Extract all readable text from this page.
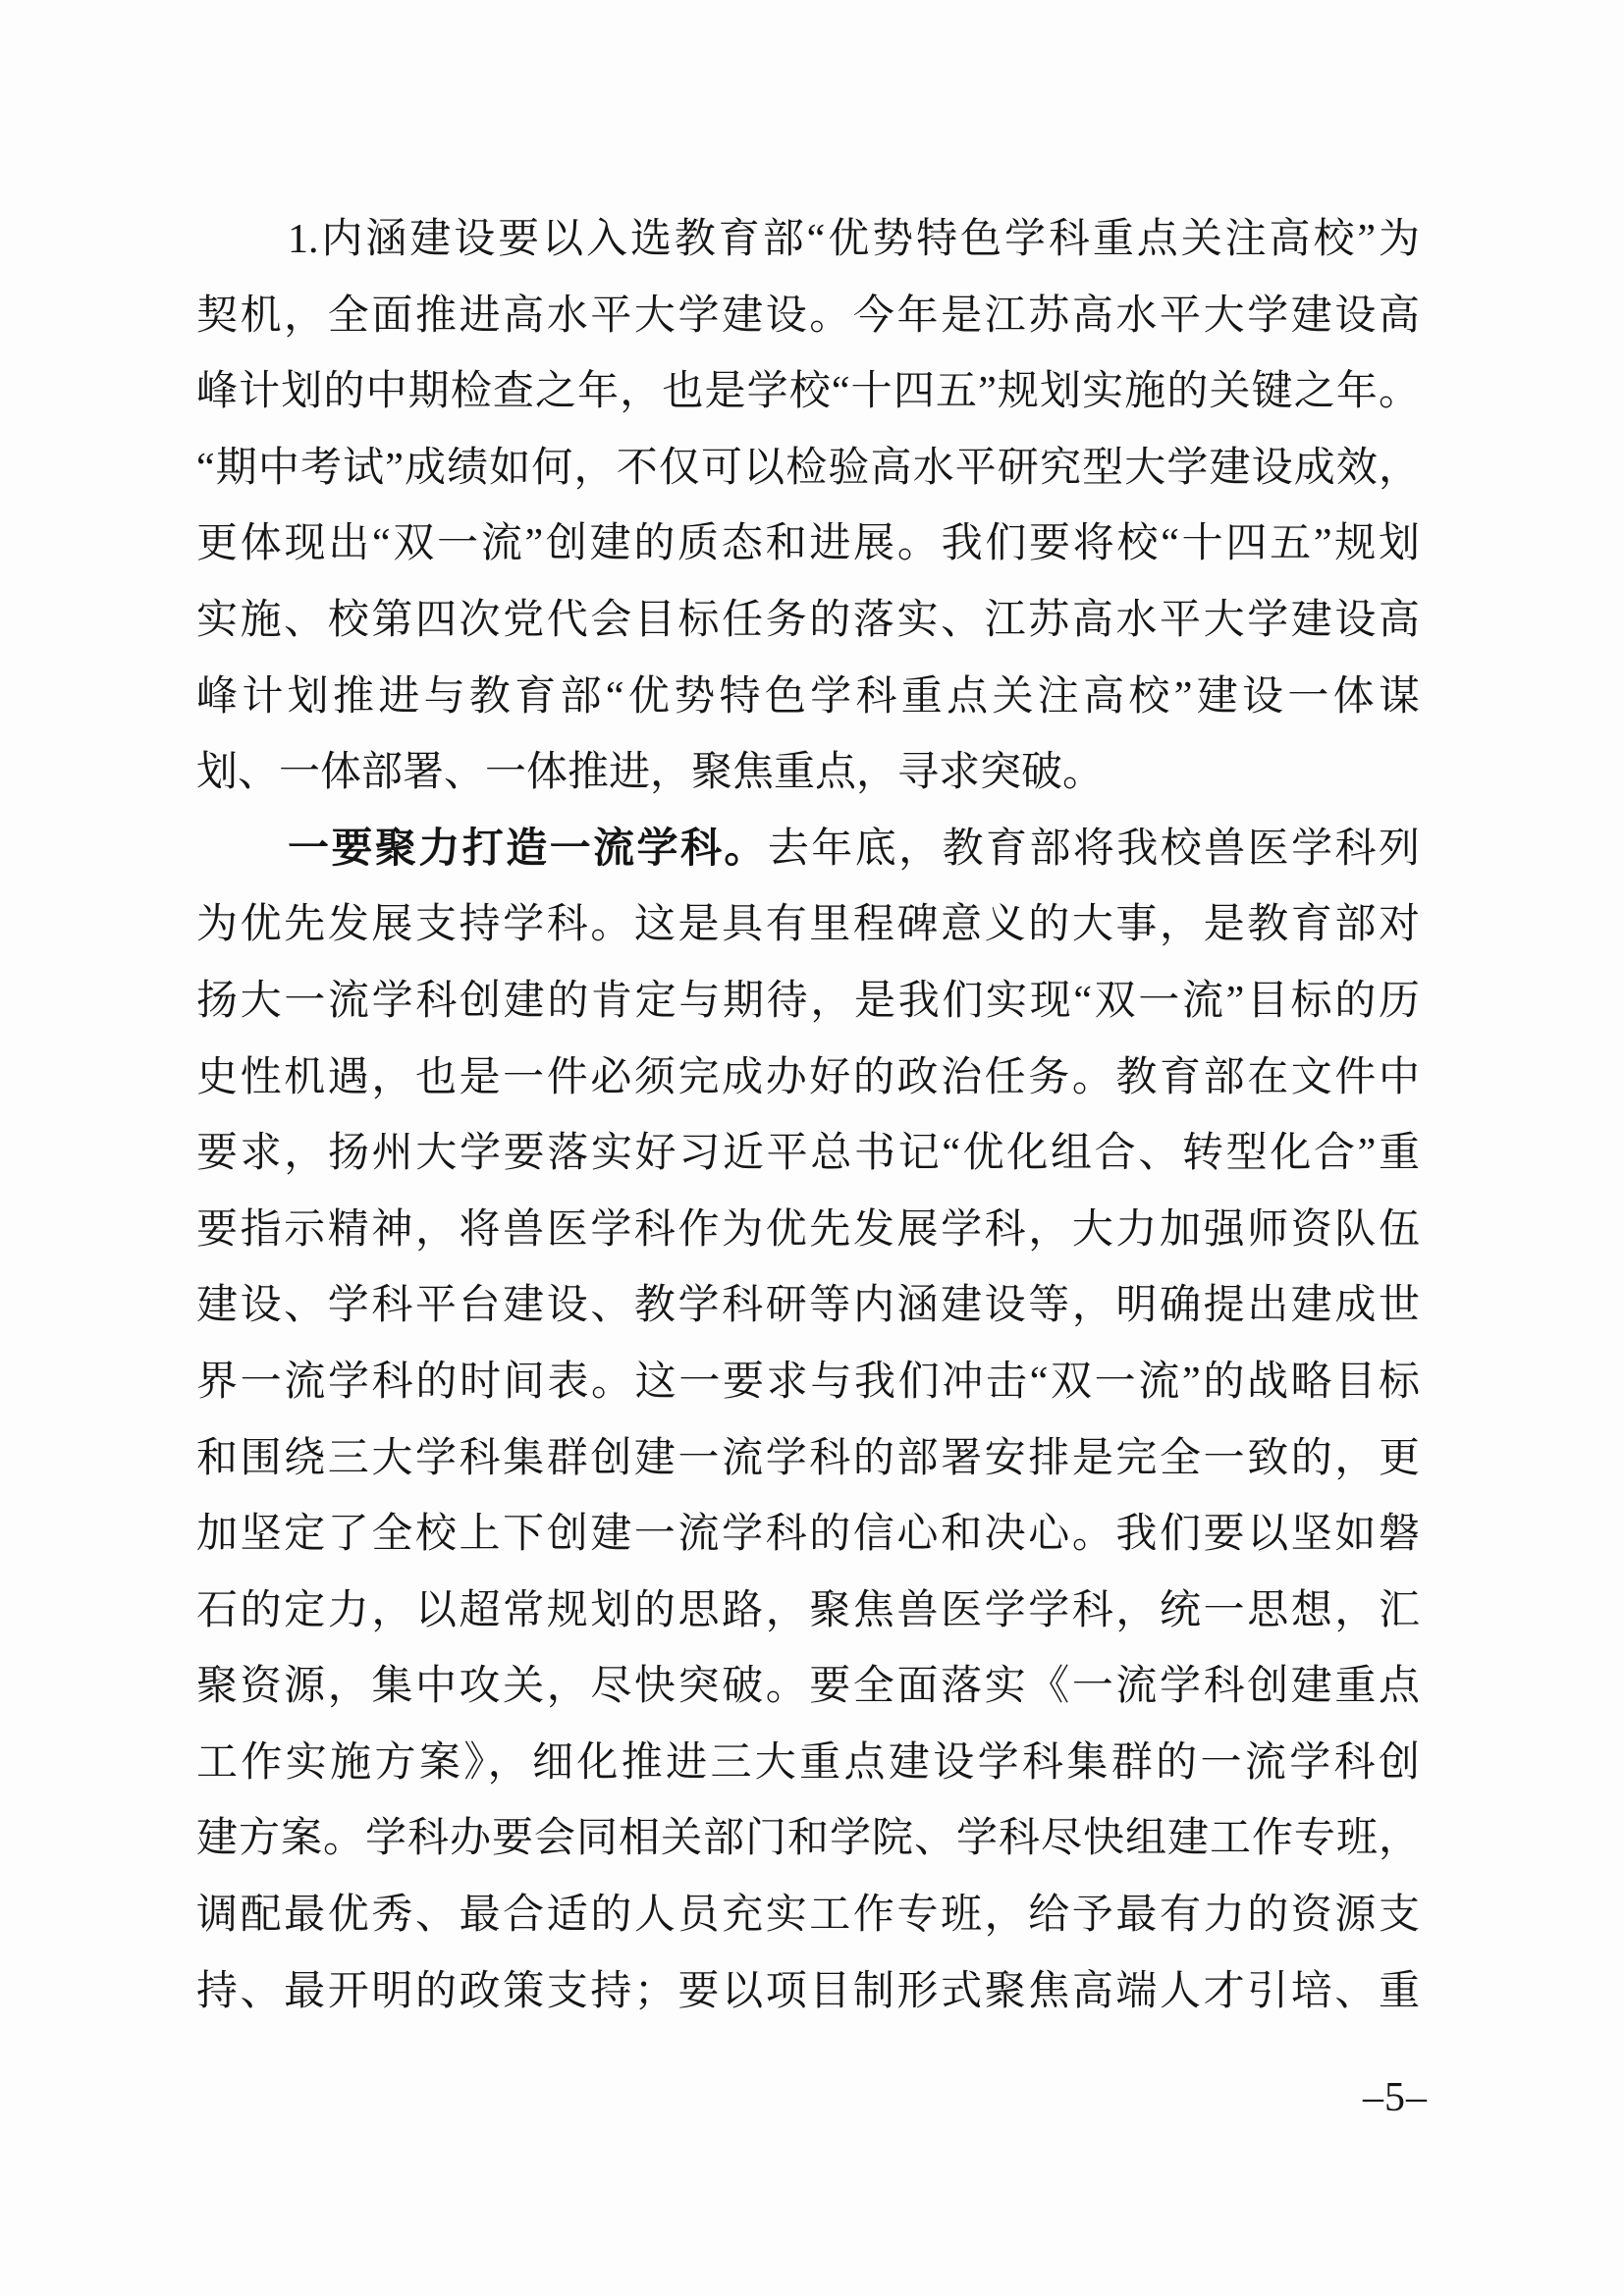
1.内涵建设要以入选教育部“优势特色学科重点关注高校”为
契机，全面推进高水平大学建设。今年是江苏高水平大学建设高
峰计划的中期检查之年，也是学校“十四五”规划实施的关键之年。
“期中考试”成绩如何，不仅可以检验高水平研究型大学建设成效，
更体现出“双一流”创建的质态和进展。我们要将校“十四五”规划
实施、校第四次党代会目标任务的落实、江苏高水平大学建设高
峰计划推进与教育部“优势特色学科重点关注高校”建设一体谋
划、一体部署、一体推进，聚焦重点，寻求突破。
一要聚力打造一流学科。去年底，教育部将我校兽医学科列
为优先发展支持学科。这是具有里程碑意义的大事，是教育部对
扬大一流学科创建的肯定与期待，是我们实现“双一流”目标的历
史性机遇，也是一件必须完成办好的政治任务。教育部在文件中
要求，扬州大学要落实好习近平总书记“优化组合、转型化合”重
要指示精神，将兽医学科作为优先发展学科，大力加强师资队伍
建设、学科平台建设、教学科研等内涵建设等，明确提出建成世
界一流学科的时间表。这一要求与我们冲击“双一流”的战略目标
和围绕三大学科集群创建一流学科的部署安排是完全一致的，更
加坚定了全校上下创建一流学科的信心和决心。我们要以坚如磐
石的定力，以超常规划的思路，聚焦兽医学学科，统一思想，汇
聚资源，集中攻关，尽快突破。要全面落实《一流学科创建重点
工作实施方案》，细化推进三大重点建设学科集群的一流学科创
建方案。学科办要会同相关部门和学院、学科尽快组建工作专班，
调配最优秀、最合适的人员充实工作专班，给予最有力的资源支
持、最开明的政策支持；要以项目制形式聚焦高端人才引培、重
–5–
